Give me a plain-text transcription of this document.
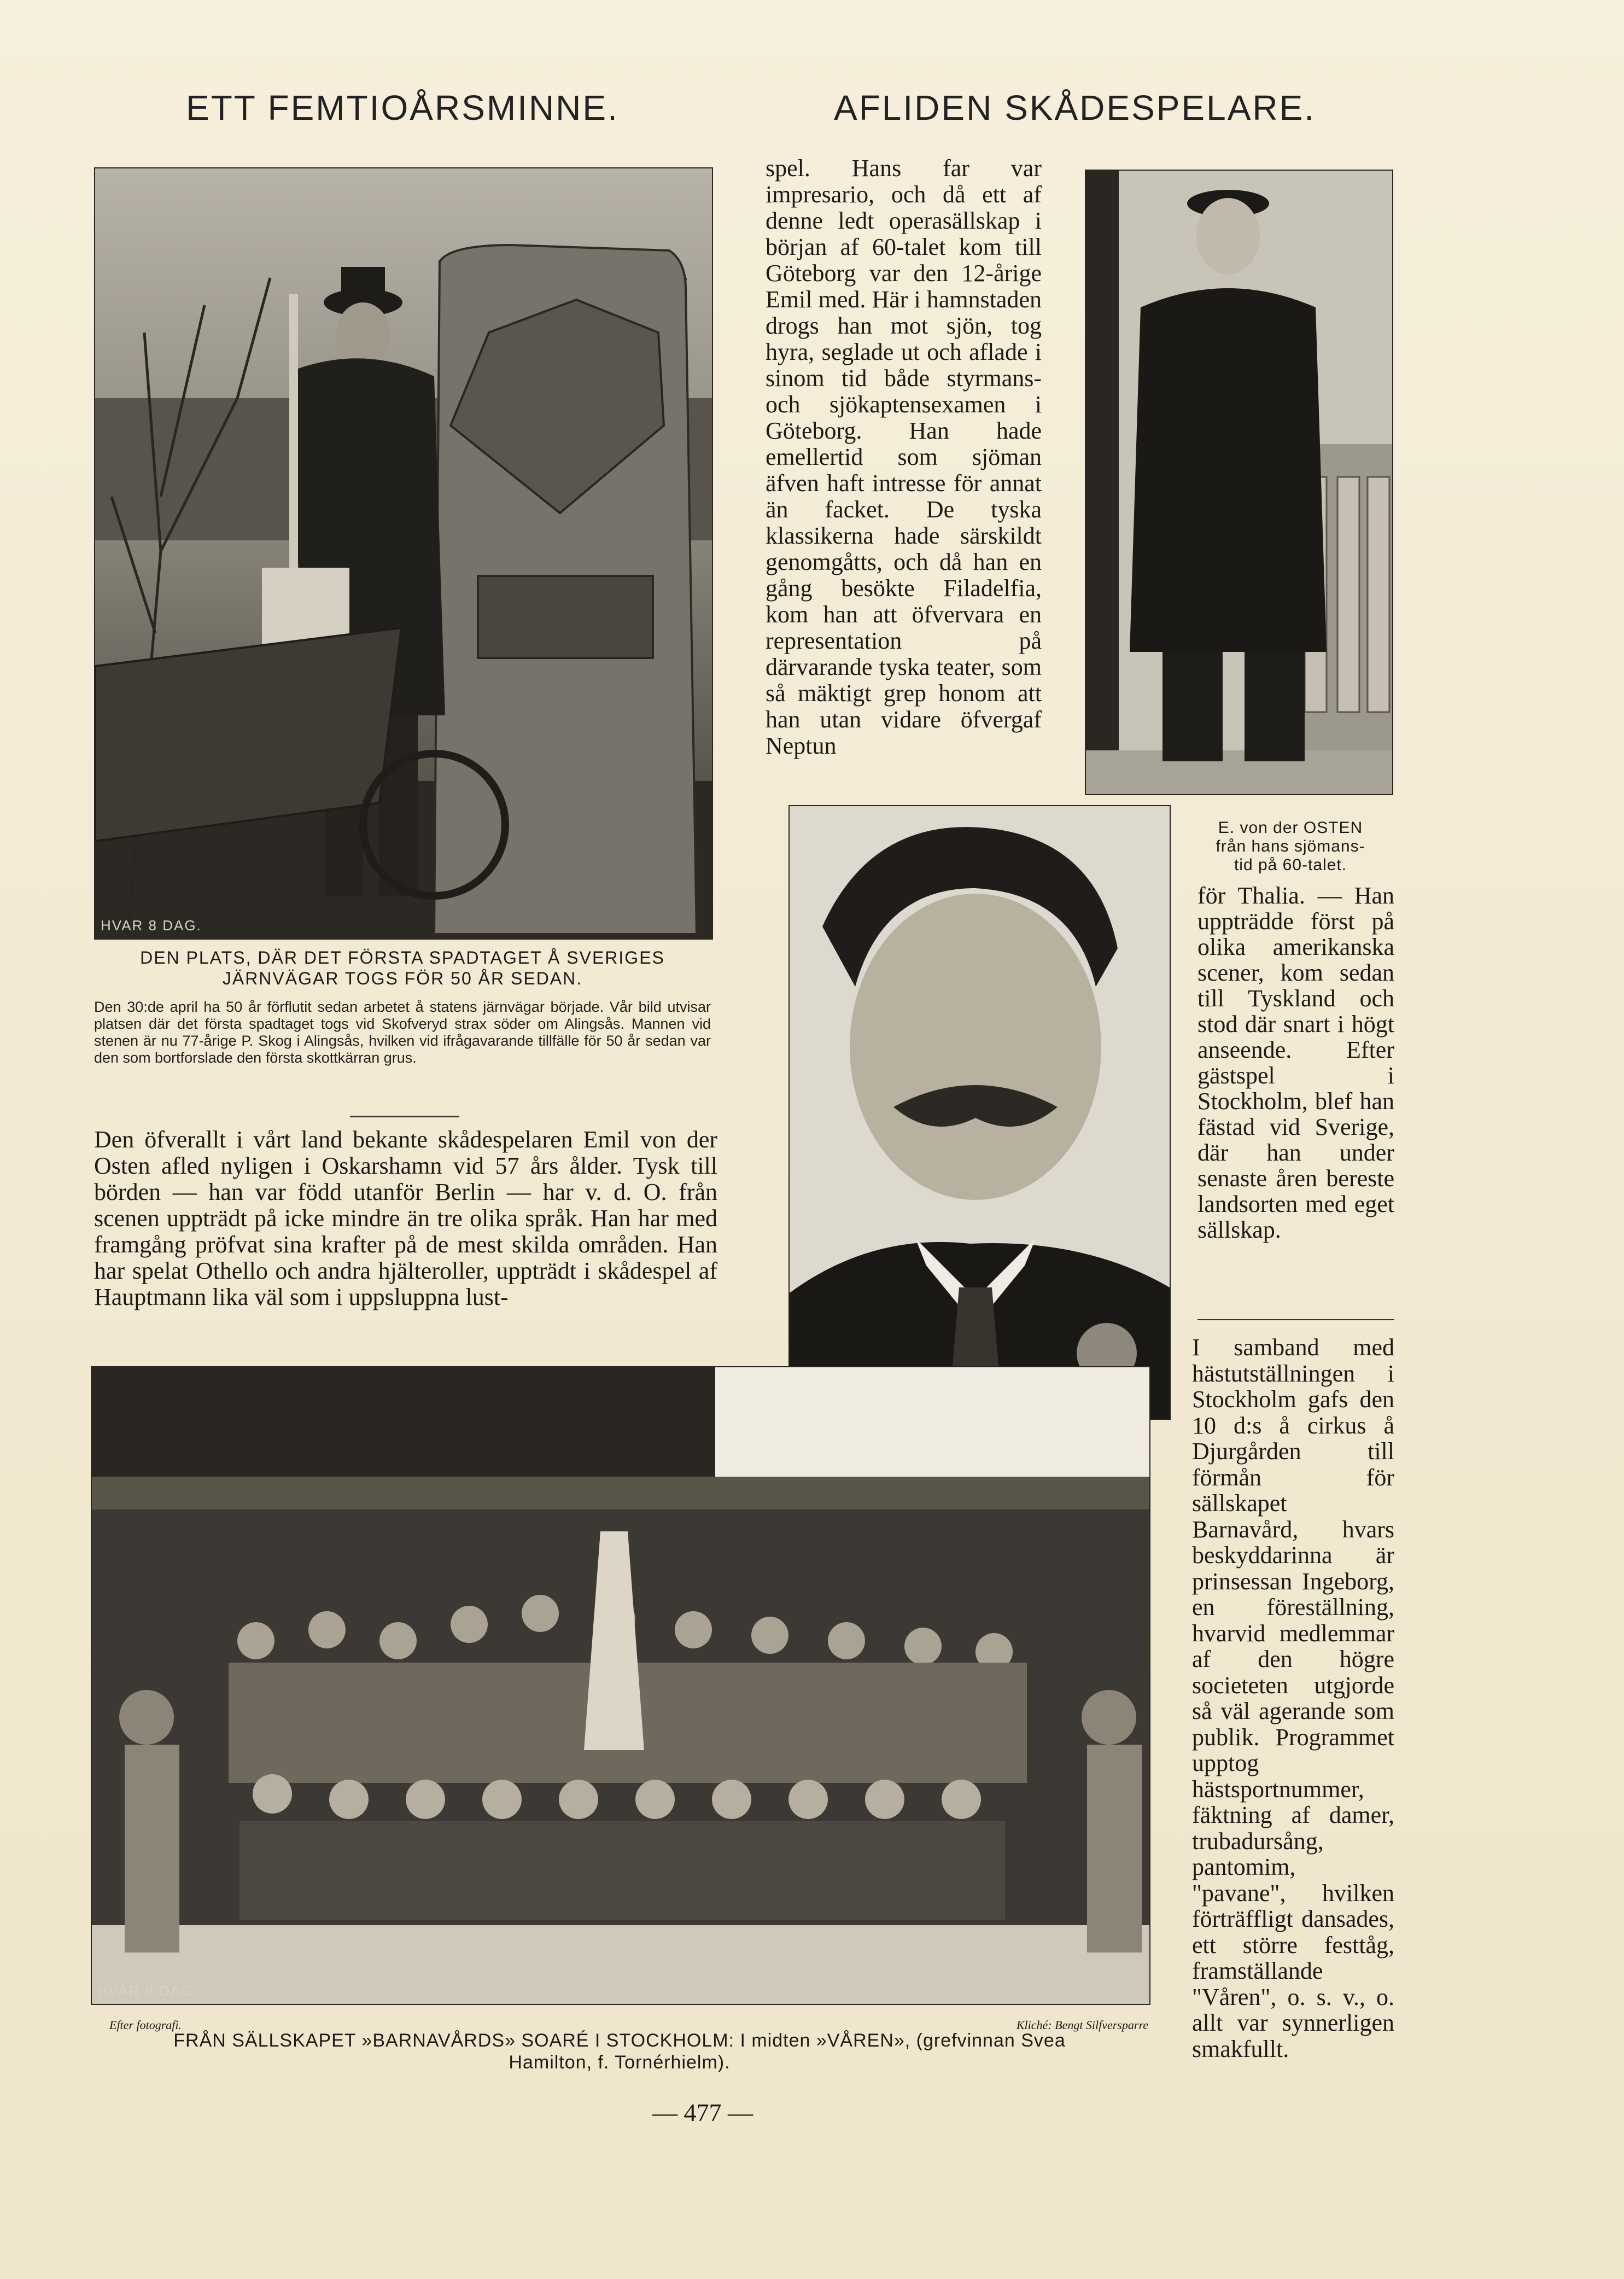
ETT FEMTIOÅRSMINNE.	AFLIDEN SKÅDESPELARE.
HVAR 8 DAG.
DEN PLATS, DÄR DET FÖRSTA SPADTAGET Å SVERIGES JÄRNVÄGAR TOGS FÖR 50 ÅR SEDAN.
Den 30:de april ha 50 år förflutit sedan arbetet å statens järnvägar började. Vår bild utvisar platsen där det första spadtaget togs vid Skofveryd strax söder om Alingsås. Mannen vid stenen är nu 77-årige P. Skog i Alingsås, hvilken vid ifrågavarande tillfälle för 50 år sedan var den som bortforslade den första skottkärran grus.
Den öfverallt i vårt land bekante skådespelaren Emil von der Osten afled nyligen i Oskarshamn vid 57 års ålder. Tysk till börden — han var född utanför Berlin — har v. d. O. från scenen uppträdt på icke mindre än tre olika språk. Han har med framgång pröfvat sina krafter på de mest skilda områden. Han har spelat Othello och andra hjälteroller, uppträdt i skådespel af Hauptmann lika väl som i uppsluppna lust-
spel. Hans far var impresario, och då ett af denne ledt operasällskap i början af 60-talet kom till Göteborg var den 12-årige Emil med. Här i hamnstaden drogs han mot sjön, tog hyra, seglade ut och aflade i sinom tid både styrmans- och sjökaptensexamen i Göteborg. Han hade emellertid som sjöman äfven haft intresse för annat än facket. De tyska klassikerna hade särskildt genomgåtts, och då han en gång besökte Filadelfia, kom han att öfvervara en representation på därvarande tyska teater, som så mäktigt grep honom att han utan vidare öfvergaf Neptun
E. von der OSTEN
från hans sjömans-
tid på 60-talet.
för Thalia. — Han uppträdde först på olika amerikanska scener, kom sedan till Tyskland och stod där snart i högt anseende. Efter gästspel i Stockholm, blef han fästad vid Sverige, där han under senaste åren bereste landsorten med eget sällskap.
I samband med hästutställningen i Stockholm gafs den 10 d:s å cirkus å Djurgården till förmån för sällskapet Barnavård, hvars beskyddarinna är prinsessan Ingeborg, en föreställning, hvarvid medlemmar af den högre societeten utgjorde så väl agerande som publik. Programmet upptog hästsportnummer, fäktning af damer, trubadursång, pantomim, "pavane", hvilken förträffligt dansades, ett större festtåg, framställande "Våren", o. s. v., o. allt var synnerligen smakfullt.
HVAR 8 DAG.
Efter fotografi.	Kliché: Bengt Silfversparre
FRÅN SÄLLSKAPET »BARNAVÅRDS» SOARÉ I STOCKHOLM: I midten »VÅREN», (grefvinnan Svea
Hamilton, f. Tornérhielm).
— 477 —
